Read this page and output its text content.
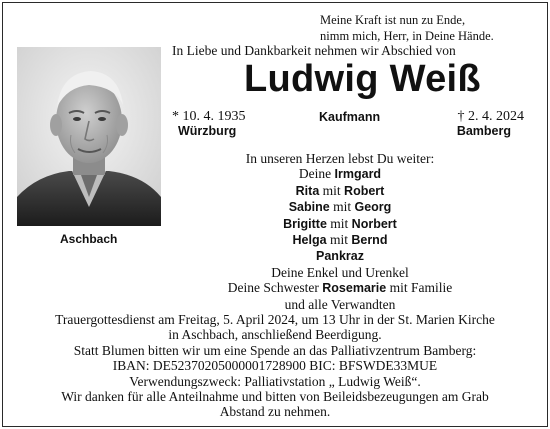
Meine Kraft ist nun zu Ende,
nimm mich, Herr, in Deine Hände.
In Liebe und Dankbarkeit nehmen wir Abschied von
Ludwig Weiß
Aschbach
* 10. 4. 1935
Würzburg
Kaufmann	† 2. 4. 2024
Bamberg
In unseren Herzen lebst Du weiter:
Deine Irmgard
Rita mit Robert
Sabine mit Georg
Brigitte mit Norbert
Helga mit Bernd
Pankraz
Deine Enkel und Urenkel
Deine Schwester Rosemarie mit Familie
und alle Verwandten
Trauergottesdienst am Freitag, 5. April 2024, um 13 Uhr in der St. Marien Kirche
in Aschbach, anschließend Beerdigung.
Statt Blumen bitten wir um eine Spende an das Palliativzentrum Bamberg:
IBAN: DE52370205000001728900 BIC: BFSWDE33MUE
Verwendungszweck: Palliativstation „ Ludwig Weiß“.
Wir danken für alle Anteilnahme und bitten von Beileidsbezeugungen am Grab
Abstand zu nehmen.
